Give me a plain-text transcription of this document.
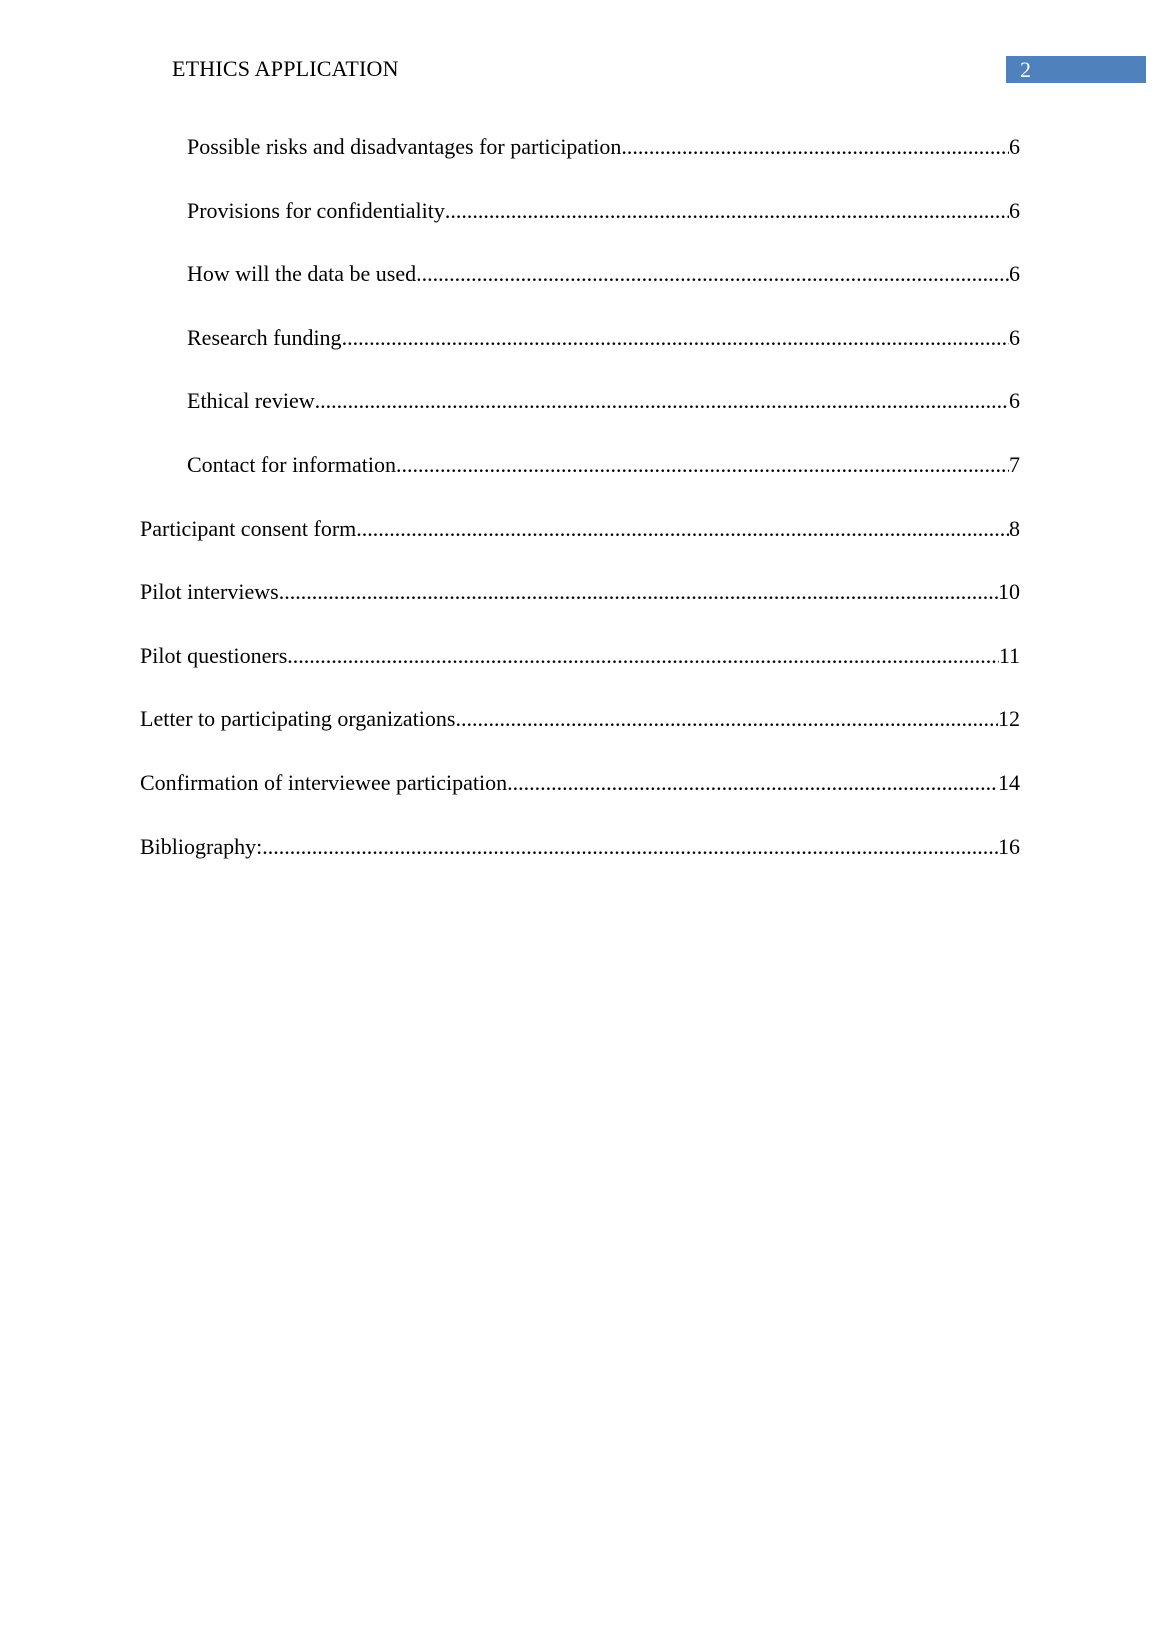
ETHICS APPLICATION	2
Possible risks and disadvantages for participation .....	6
Provisions for confidentiality .....	6
How will the data be used .....	6
Research funding .....	6
Ethical review .....	6
Contact for information .....	7
Participant consent form .....	8
Pilot interviews .....	10
Pilot questioners .....	11
Letter to participating organizations .....	12
Confirmation of interviewee participation .....	14
Bibliography: .....	16
